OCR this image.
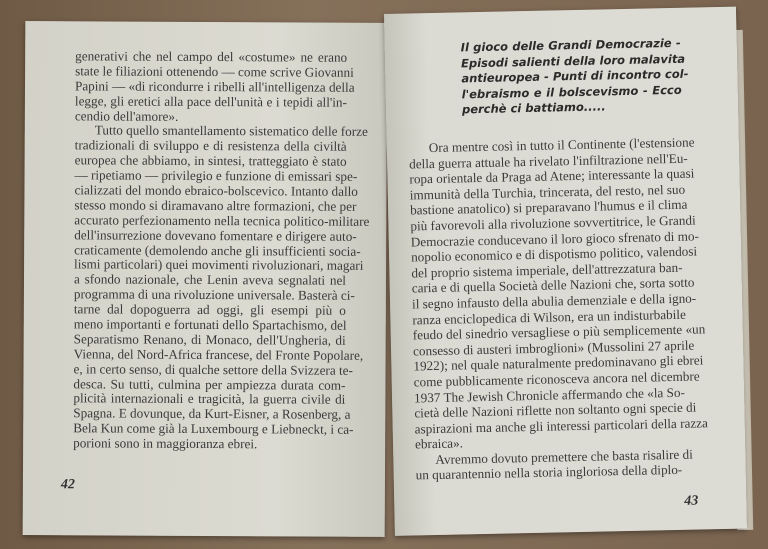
generativi che nel campo del «costume» ne erano
state le filiazioni ottenendo — come scrive Giovanni
Papini — «di ricondurre i ribelli all'intelligenza della
legge, gli eretici alla pace dell'unità e i tepidi all'in-
cendio dell'amore».
Tutto quello smantellamento sistematico delle forze
tradizionali di sviluppo e di resistenza della civiltà
europea che abbiamo, in sintesi, tratteggiato è stato
— ripetiamo — privilegio e funzione di emissari spe-
cializzati del mondo ebraico-bolscevico. Intanto dallo
stesso mondo si diramavano altre formazioni, che per
accurato perfezionamento nella tecnica politico-militare
dell'insurrezione dovevano fomentare e dirigere auto-
craticamente (demolendo anche gli insufficienti socia-
lismi particolari) quei movimenti rivoluzionari, magari
a sfondo nazionale, che Lenin aveva segnalati nel
programma di una rivoluzione universale. Basterà ci-
tarne dal dopoguerra ad oggi, gli esempi più o
meno importanti e fortunati dello Spartachismo, del
Separatismo Renano, di Monaco, dell'Ungheria, di
Vienna, del Nord-Africa francese, del Fronte Popolare,
e, in certo senso, di qualche settore della Svizzera te-
desca. Su tutti, culmina per ampiezza durata com-
plicità internazionali e tragicità, la guerra civile di
Spagna. E dovunque, da Kurt-Eisner, a Rosenberg, a
Bela Kun come già la Luxembourg e Liebneckt, i ca-
porioni sono in maggioranza ebrei.
42
Il gioco delle Grandi Democrazie -
Episodi salienti della loro malavita
antieuropea - Punti di incontro col-
l'ebraismo e il bolscevismo - Ecco
perchè ci battiamo.....
Ora mentre così in tutto il Continente (l'estensione
della guerra attuale ha rivelato l'infiltrazione nell'Eu-
ropa orientale da Praga ad Atene; interessante la quasi
immunità della Turchia, trincerata, del resto, nel suo
bastione anatolico) si preparavano l'humus e il clima
più favorevoli alla rivoluzione sovvertitrice, le Grandi
Democrazie conducevano il loro gioco sfrenato di mo-
nopolio economico e di dispotismo politico, valendosi
del proprio sistema imperiale, dell'attrezzatura ban-
caria e di quella Società delle Nazioni che, sorta sotto
il segno infausto della abulia demenziale e della igno-
ranza enciclopedica di Wilson, era un indisturbabile
feudo del sinedrio versagliese o più semplicemente «un
consesso di austeri imbroglioni» (Mussolini 27 aprile
1922); nel quale naturalmente predominavano gli ebrei
come pubblicamente riconosceva ancora nel dicembre
1937 The Jewish Chronicle affermando che «la So-
cietà delle Nazioni riflette non soltanto ogni specie di
aspirazioni ma anche gli interessi particolari della razza
ebraica».
Avremmo dovuto premettere che basta risalire di
un quarantennio nella storia ingloriosa della diplo-
43
